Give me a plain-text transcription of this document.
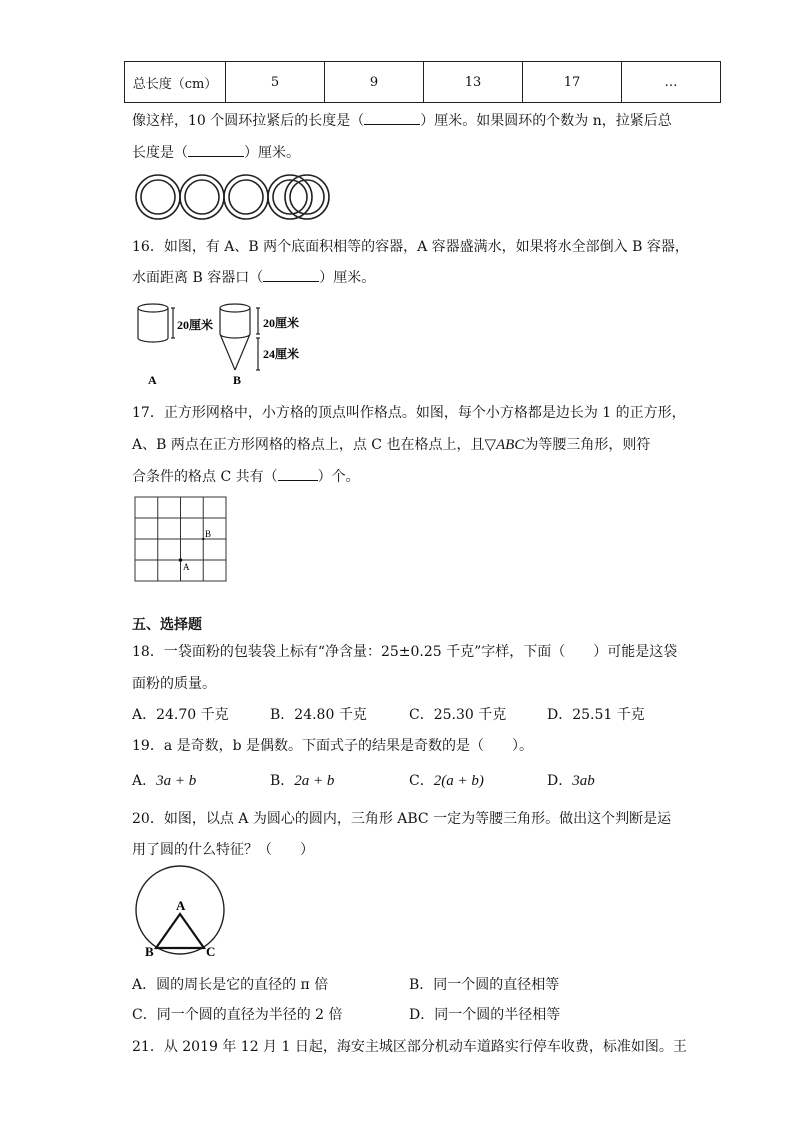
总长度（cm）	5	9	13	17	…
像这样，10 个圆环拉紧后的长度是（	）厘米。如果圆环的个数为 n，拉紧后总
长度是（	）厘米。
16．如图，有 A、B 两个底面积相等的容器，A 容器盛满水，如果将水全部倒入 B 容器，
水面距离 B 容器口（	）厘米。
20厘米	20厘米
24厘米
A	B
17．正方形网格中，小方格的顶点叫作格点。如图，每个小方格都是边长为 1 的正方形，
A、B 两点在正方形网格的格点上，点 C 也在格点上，且▽ABC为等腰三角形，则符
合条件的格点 C 共有（	）个。
A
B
五、选择题
18．一袋面粉的包装袋上标有“净含量：25±0.25 千克”字样，下面（　　）可能是这袋
面粉的质量。
A．24.70 千克	B．24.80 千克	C．25.30 千克	D．25.51 千克
19．a 是奇数，b 是偶数。下面式子的结果是奇数的是（　　）。
A．3a + b	B．2a + b	C．2(a + b)	D．3ab
20．如图，以点 A 为圆心的圆内，三角形 ABC 一定为等腰三角形。做出这个判断是运
用了圆的什么特征？（　　）
A
B	C
A．圆的周长是它的直径的 π 倍	B．同一个圆的直径相等
C．同一个圆的直径为半径的 2 倍	D．同一个圆的半径相等
21．从 2019 年 12 月 1 日起，海安主城区部分机动车道路实行停车收费，标准如图。王
